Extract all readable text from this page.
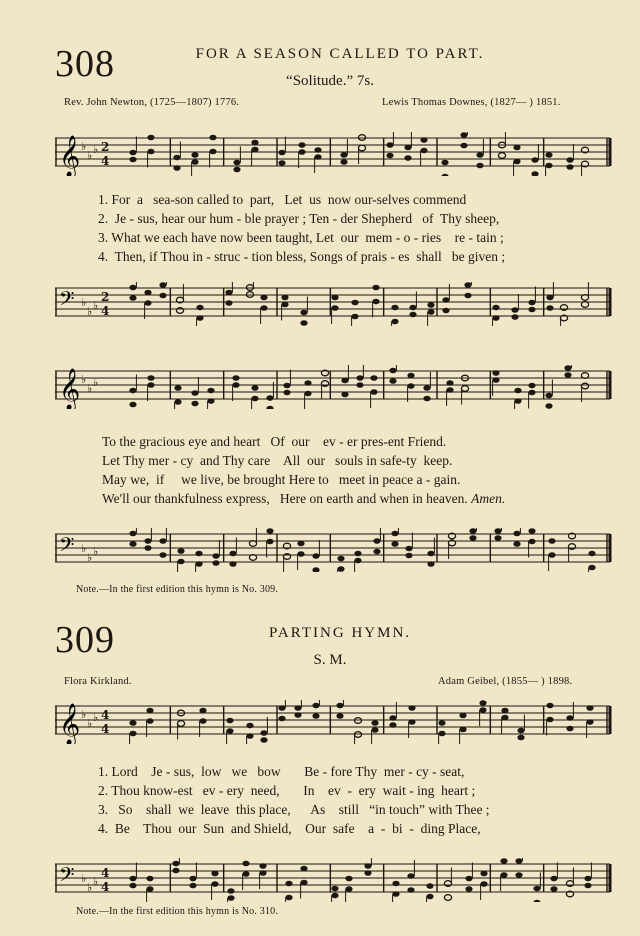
308	FOR A SEASON CALLED TO PART.
“Solitude.” 7s.
Rev. John Newton, (1725—1807) 1776.	Lewis Thomas Downes, (1827— ) 1851.
𝄞 ♭
♭ ♭ 2
4
𝄢 ♭
♭ ♭
2
4
1. For  a   sea-son called to  part,   Let  us  now our-selves commend
2.  Je - sus, hear our hum - ble prayer ; Ten - der Shepherd   of  Thy sheep,
3. What we each have now been taught, Let  our  mem - o - ries    re - tain ;
4.  Then, if Thou in - struc - tion bless, Songs of prais - es  shall   be given ;
𝄞 ♭
♭ ♭
To the gracious eye and heart   Of  our    ev - er pres-ent Friend.
Let Thy mer - cy  and Thy care    All  our   souls in safe-ty  keep.
May we,  if     we live, be brought Here to   meet in peace a - gain.
We'll our thankfulness express,   Here on earth and when in heaven. Amen.
𝄢 ♭
♭ ♭
Note.—In the first edition this hymn is No. 309.
309	PARTING HYMN.
S. M.
Flora Kirkland.	Adam Geibel, (1855— ) 1898.
𝄞 ♭
♭ ♭ 4
4
1. Lord    Je - sus,  low   we   bow       Be - fore Thy  mer - cy - seat,
2. Thou know-est   ev - ery  need,       In    ev  -  ery  wait - ing  heart ;
3.   So    shall  we  leave  this place,      As    still   “in touch” with Thee ;
4.  Be    Thou  our  Sun  and Shield,    Our  safe    a  -  bi  -  ding Place,
𝄢 ♭
♭ ♭
4
4
Note.—In the first edition this hymn is No. 310.
